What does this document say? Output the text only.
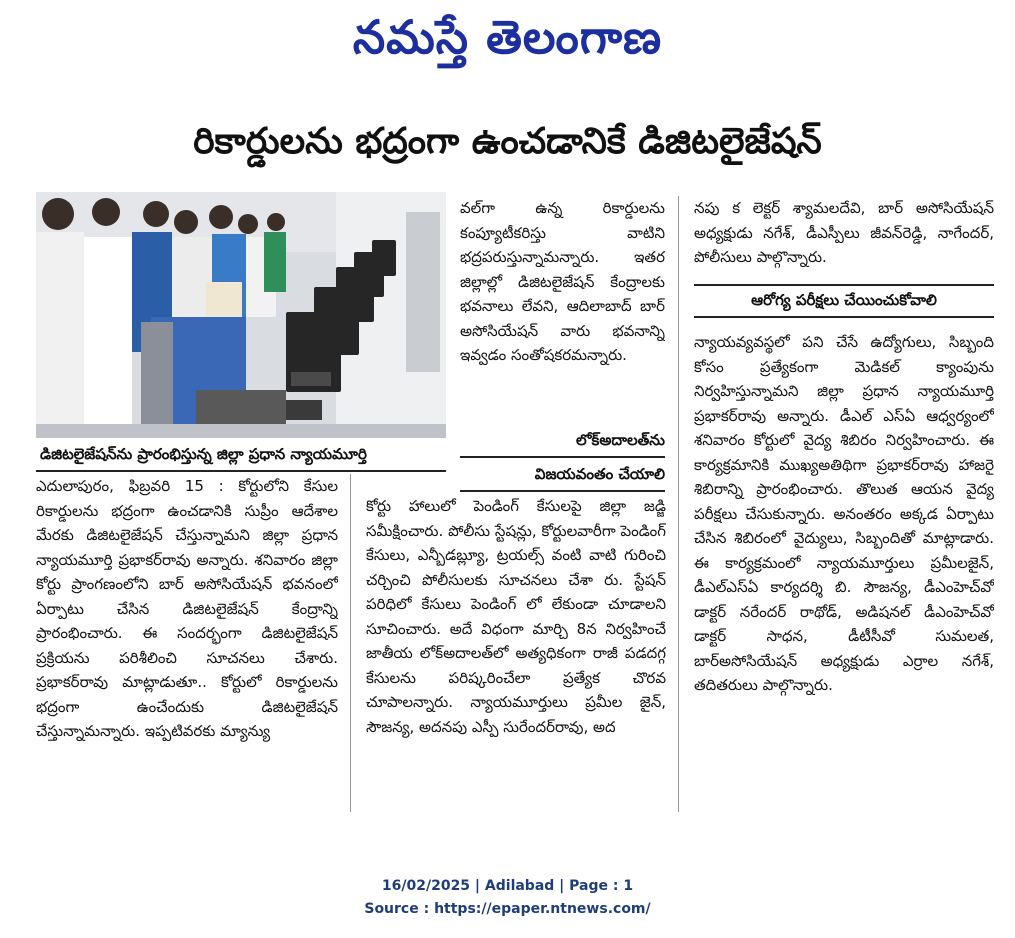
నమస్తే తెలంగాణ
రికార్డులను భద్రంగా ఉంచడానికే డిజిటలైజేషన్
డిజిటలైజేషన్‌ను ప్రారంభిస్తున్న జిల్లా ప్రధాన న్యాయమూర్తి

ఎదులాపురం, ఫిబ్రవరి 15 : కోర్టులోని కేసుల రికార్డులను భద్రంగా ఉంచడానికి సుప్రీం ఆదేశాల మేరకు డిజిటలైజేషన్ చేస్తున్నామని జిల్లా ప్రధాన న్యాయమూర్తి ప్రభాకర్‌రావు అన్నారు. శనివారం జిల్లా కోర్టు ప్రాంగణంలోని బార్ అసోసియేషన్ భవనంలో ఏర్పాటు చేసిన డిజిటలైజేషన్ కేంద్రాన్ని ప్రారంభించారు. ఈ సందర్భంగా డిజిటలైజేషన్ ప్రక్రియను పరిశీలించి సూచనలు చేశారు. ప్రభాకర్‌రావు మాట్లాడుతూ.. కోర్టులో రికార్డులను భద్రంగా ఉంచేందుకు డిజిటలైజేషన్ చేస్తున్నామన్నారు. ఇప్పటివరకు మ్యాన్యు

వల్‌గా ఉన్న రికార్డులను కంప్యూటీకరిస్తు వాటిని భద్రపరుస్తున్నామన్నారు. ఇతర జిల్లాల్లో డిజిటలైజేషన్ కేంద్రాలకు భవనాలు లేవని, ఆదిలాబాద్ బార్ అసోసియేషన్ వారు భవనాన్ని ఇవ్వడం సంతోషకరమన్నారు.

లోక్‌అదాలత్‌ను
విజయవంతం చేయాలి

కోర్టు హాలులో పెండింగ్ కేసులపై జిల్లా జడ్జి సమీక్షించారు. పోలీసు స్టేషన్లు, కోర్టులవారీగా పెండింగ్ కేసులు, ఎన్బీడబ్ల్యూ, ట్రయల్స్ వంటి వాటి గురించి చర్చించి పోలీసులకు సూచనలు చేశా రు. స్టేషన్ పరిధిలో కేసులు పెండింగ్ లో లేకుండా చూడాలని సూచించారు. అదే విధంగా మార్చి 8న నిర్వహించే జాతీయ లోక్అదాలత్‌లో అత్యధికంగా రాజీ పడదగ్గ కేసులను పరిష్కరించేలా ప్రత్యేక చొరవ చూపాలన్నారు. న్యాయమూర్తులు ప్రమీల జైన్, సౌజన్య, అదనపు ఎస్పీ సురేందర్‌రావు, అద

నపు క లెక్టర్ శ్యామలదేవి, బార్ అసోసియేషన్ అధ్యక్షుడు నగేశ్, డీఎస్పీలు జీవన్‌రెడ్డి, నాగేందర్, పోలీసులు పాల్గొన్నారు.

ఆరోగ్య పరీక్షలు చేయించుకోవాలి

న్యాయవ్యవస్థలో పని చేసే ఉద్యోగులు, సిబ్బంది కోసం ప్రత్యేకంగా మెడికల్ క్యాంపును నిర్వహిస్తున్నామని జిల్లా ప్రధాన న్యాయమూర్తి ప్రభాకర్‌రావు అన్నారు. డీఎల్ ఎస్ఏ ఆధ్వర్యంలో శనివారం కోర్టులో వైద్య శిబిరం నిర్వహించారు. ఈ కార్యక్రమానికి ముఖ్యఅతిథిగా ప్రభాకర్‌రావు హాజరై శిబిరాన్ని ప్రారంభించారు. తొలుత ఆయన వైద్య పరీక్షలు చేసుకున్నారు. అనంతరం అక్కడ ఏర్పాటు చేసిన శిబిరంలో వైద్యులు, సిబ్బందితో మాట్లాడారు. ఈ కార్యక్రమంలో న్యాయమూర్తులు ప్రమీలజైన్, డీఎల్ఎస్ఏ కార్యదర్శి బి. సౌజన్య, డీఎంహెచ్‌వో డాక్టర్ నరేందర్ రాథోడ్, అడిషనల్ డీఎంహెచ్‌వో డాక్టర్ సాధన, డీటీసీవో సుమలత, బార్‌అసోసియేషన్ అధ్యక్షుడు ఎర్రాల నగేశ్, తదితరులు పాల్గొన్నారు.

16/02/2025 | Adilabad | Page : 1
Source : https://epaper.ntnews.com/
